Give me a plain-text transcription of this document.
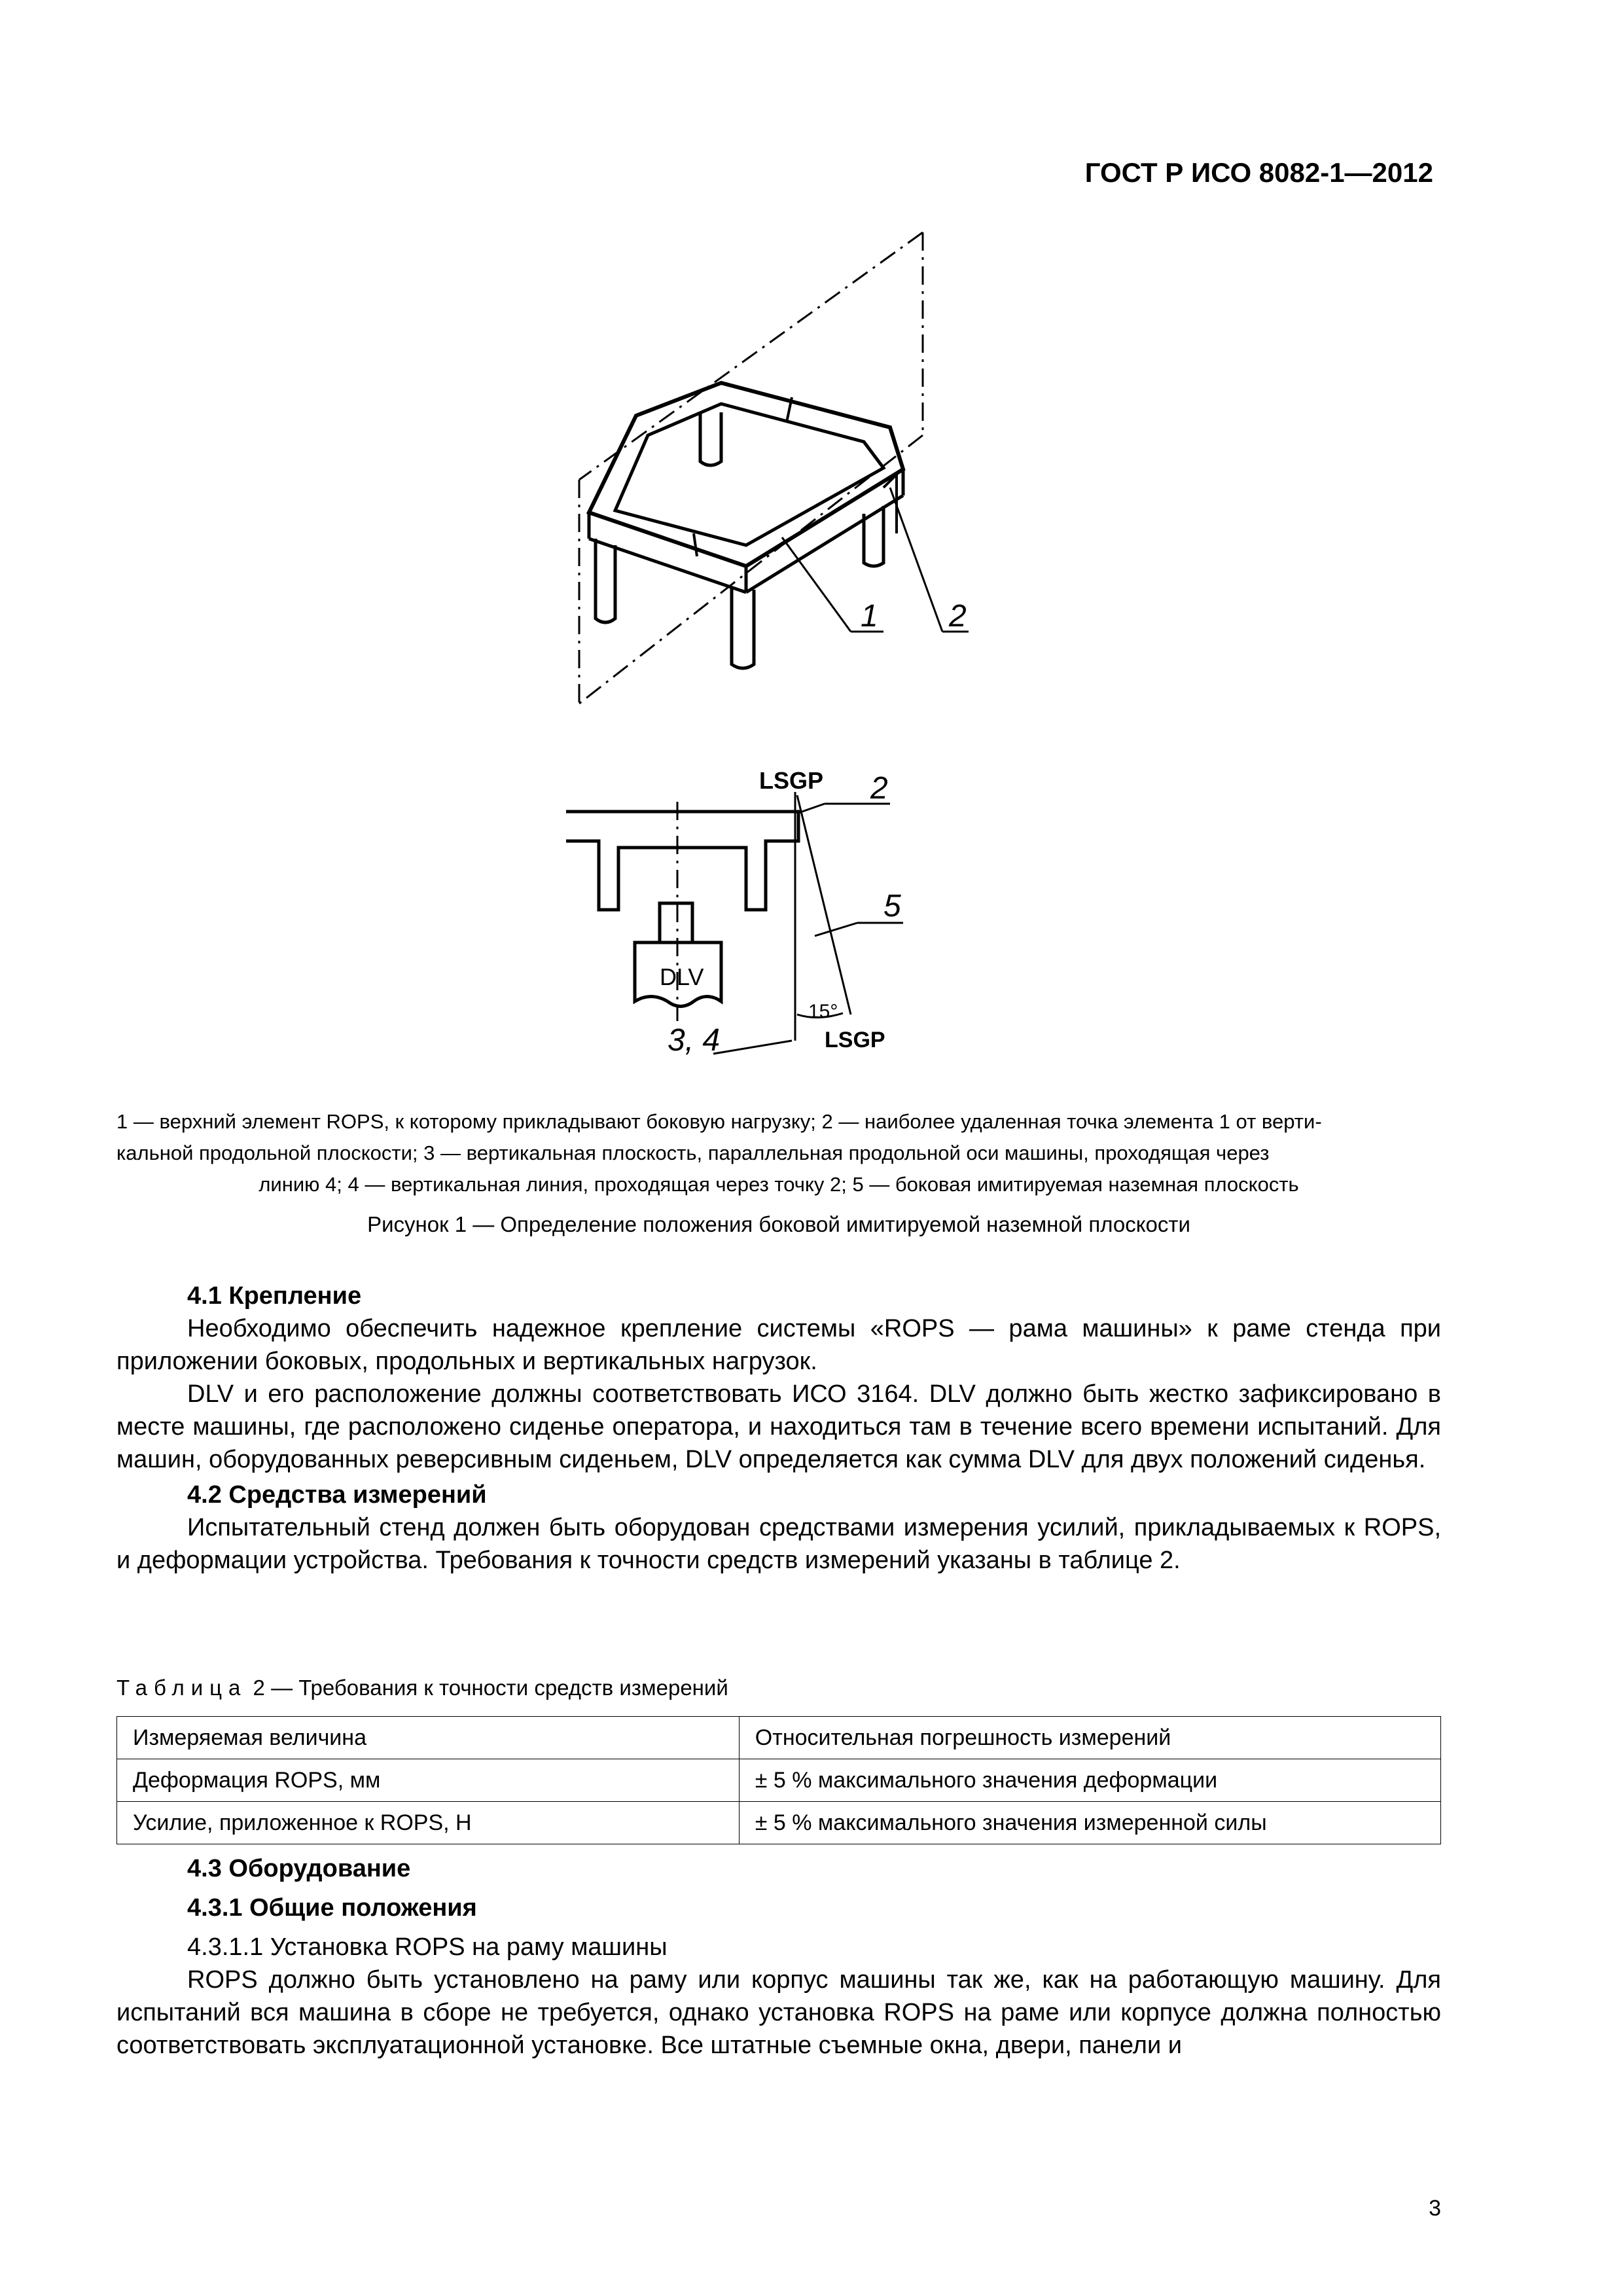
ГОСТ Р ИСО 8082-1—2012
1 2
LSGP 2
5
DLV
15°
LSGP
3, 4
1 — верхний элемент ROPS, к которому прикладывают боковую нагрузку; 2 — наиболее удаленная точка элемента 1 от верти-
кальной продольной плоскости; 3 — вертикальная плоскость, параллельная продольной оси машины, проходящая через
линию 4; 4 — вертикальная линия, проходящая через точку 2; 5 — боковая имитируемая наземная плоскость
Рисунок 1 — Определение положения боковой имитируемой наземной плоскости

4.1 Крепление

Необходимо обеспечить надежное крепление системы «ROPS — рама машины» к раме стенда при приложении боковых, продольных и вертикальных нагрузок.

DLV и его расположение должны соответствовать ИСО 3164. DLV должно быть жестко зафиксировано в месте машины, где расположено сиденье оператора, и находиться там в течение всего времени испытаний. Для машин, оборудованных реверсивным сиденьем, DLV определяется как сумма DLV для двух положений сиденья.

4.2 Средства измерений

Испытательный стенд должен быть оборудован средствами измерения усилий, прикладываемых к ROPS, и деформации устройства. Требования к точности средств измерений указаны в таблице 2.

Таблица 2 — Требования к точности средств измерений
Измеряемая величина	Относительная погрешность измерений
Деформация ROPS, мм	± 5 % максимального значения деформации
Усилие, приложенное к ROPS, Н	± 5 % максимального значения измеренной силы

4.3 Оборудование

4.3.1 Общие положения

4.3.1.1 Установка ROPS на раму машины

ROPS должно быть установлено на раму или корпус машины так же, как на работающую машину. Для испытаний вся машина в сборе не требуется, однако установка ROPS на раме или корпусе должна полностью соответствовать эксплуатационной установке. Все штатные съемные окна, двери, панели и

3
